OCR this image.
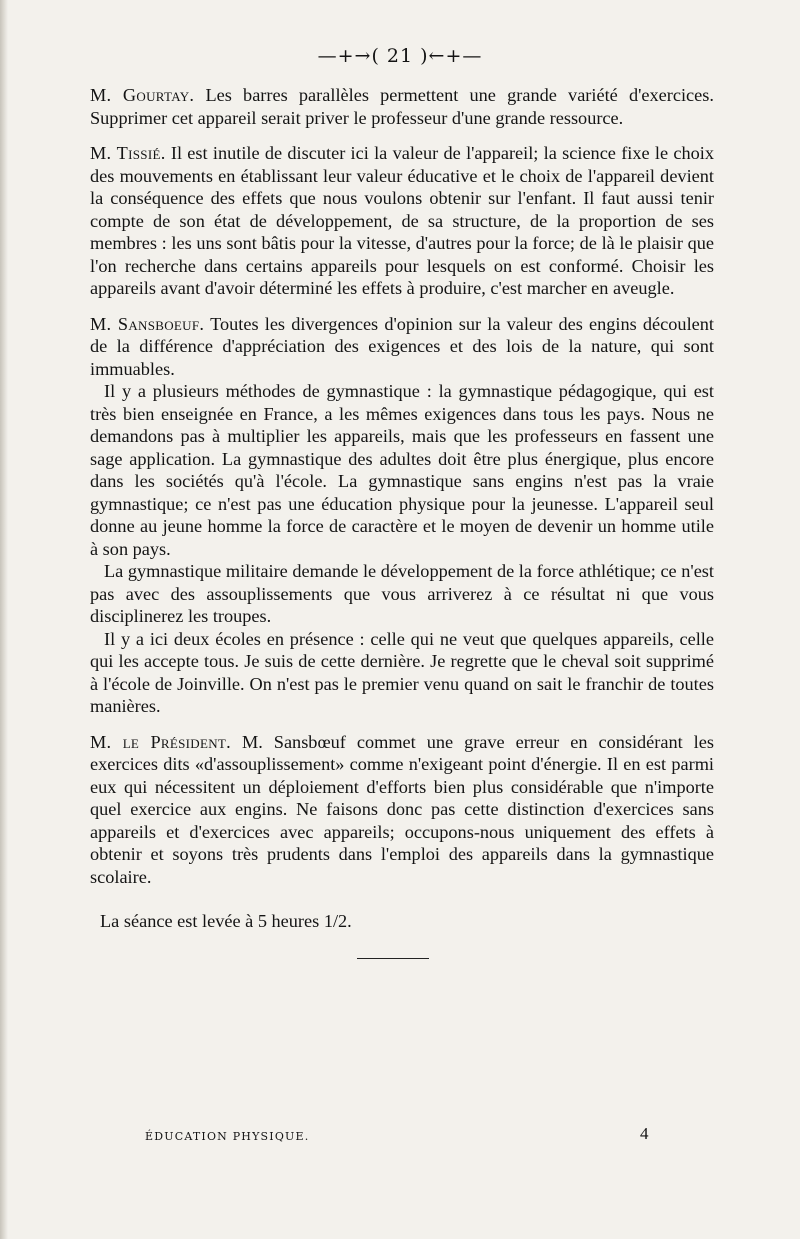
—+→( 21 )←+—

M. Gourtay. Les barres parallèles permettent une grande variété d'exercices. Supprimer cet appareil serait priver le professeur d'une grande ressource.

M. Tissié. Il est inutile de discuter ici la valeur de l'appareil; la science fixe le choix des mouvements en établissant leur valeur éducative et le choix de l'appareil devient la conséquence des effets que nous voulons obtenir sur l'enfant. Il faut aussi tenir compte de son état de développement, de sa structure, de la proportion de ses membres : les uns sont bâtis pour la vitesse, d'autres pour la force; de là le plaisir que l'on recherche dans certains appareils pour lesquels on est conformé. Choisir les appareils avant d'avoir déterminé les effets à produire, c'est marcher en aveugle.

M. Sansboeuf. Toutes les divergences d'opinion sur la valeur des engins découlent de la différence d'appréciation des exigences et des lois de la nature, qui sont immuables.

Il y a plusieurs méthodes de gymnastique : la gymnastique pédagogique, qui est très bien enseignée en France, a les mêmes exigences dans tous les pays. Nous ne demandons pas à multiplier les appareils, mais que les professeurs en fassent une sage application. La gymnastique des adultes doit être plus énergique, plus encore dans les sociétés qu'à l'école. La gymnastique sans engins n'est pas la vraie gymnastique; ce n'est pas une éducation physique pour la jeunesse. L'appareil seul donne au jeune homme la force de caractère et le moyen de devenir un homme utile à son pays.

La gymnastique militaire demande le développement de la force athlétique; ce n'est pas avec des assouplissements que vous arriverez à ce résultat ni que vous disciplinerez les troupes.

Il y a ici deux écoles en présence : celle qui ne veut que quelques appareils, celle qui les accepte tous. Je suis de cette dernière. Je regrette que le cheval soit supprimé à l'école de Joinville. On n'est pas le premier venu quand on sait le franchir de toutes manières.

M. le Président. M. Sansbœuf commet une grave erreur en considérant les exercices dits «d'assouplissement» comme n'exigeant point d'énergie. Il en est parmi eux qui nécessitent un déploiement d'efforts bien plus considérable que n'importe quel exercice aux engins. Ne faisons donc pas cette distinction d'exercices sans appareils et d'exercices avec appareils; occupons-nous uniquement des effets à obtenir et soyons très prudents dans l'emploi des appareils dans la gymnastique scolaire.

La séance est levée à 5 heures 1/2.

ÉDUCATION PHYSIQUE.	4
